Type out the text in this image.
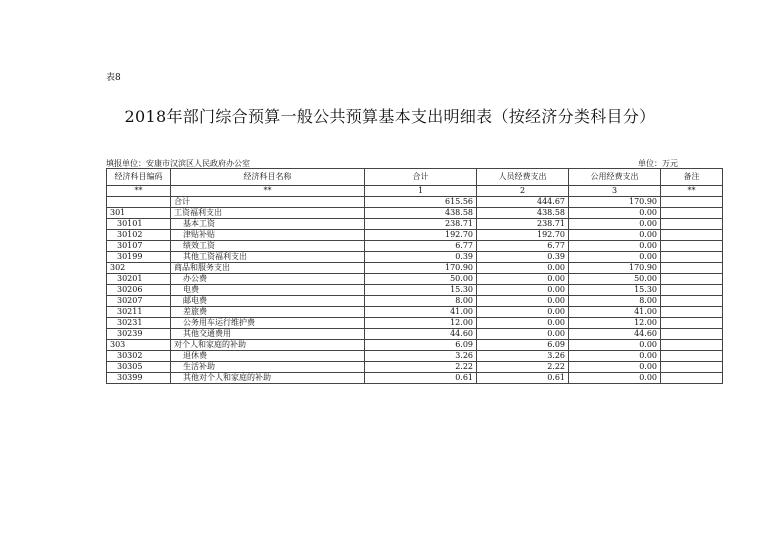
表8
2018年部门综合预算一般公共预算基本支出明细表（按经济分类科目分）
填报单位：安康市汉滨区人民政府办公室	单位：万元
经济科目编码	经济科目名称	合计	人员经费支出	公用经费支出	备注
**	**	1	2	3	**
	合计	615.56	444.67	170.90	
301	工资福利支出	438.58	438.58	0.00	
30101	基本工资	238.71	238.71	0.00	
30102	津贴补贴	192.70	192.70	0.00	
30107	绩效工资	6.77	6.77	0.00	
30199	其他工资福利支出	0.39	0.39	0.00	
302	商品和服务支出	170.90	0.00	170.90	
30201	办公费	50.00	0.00	50.00	
30206	电费	15.30	0.00	15.30	
30207	邮电费	8.00	0.00	8.00	
30211	差旅费	41.00	0.00	41.00	
30231	公务用车运行维护费	12.00	0.00	12.00	
30239	其他交通费用	44.60	0.00	44.60	
303	对个人和家庭的补助	6.09	6.09	0.00	
30302	退休费	3.26	3.26	0.00	
30305	生活补助	2.22	2.22	0.00	
30399	其他对个人和家庭的补助	0.61	0.61	0.00	
